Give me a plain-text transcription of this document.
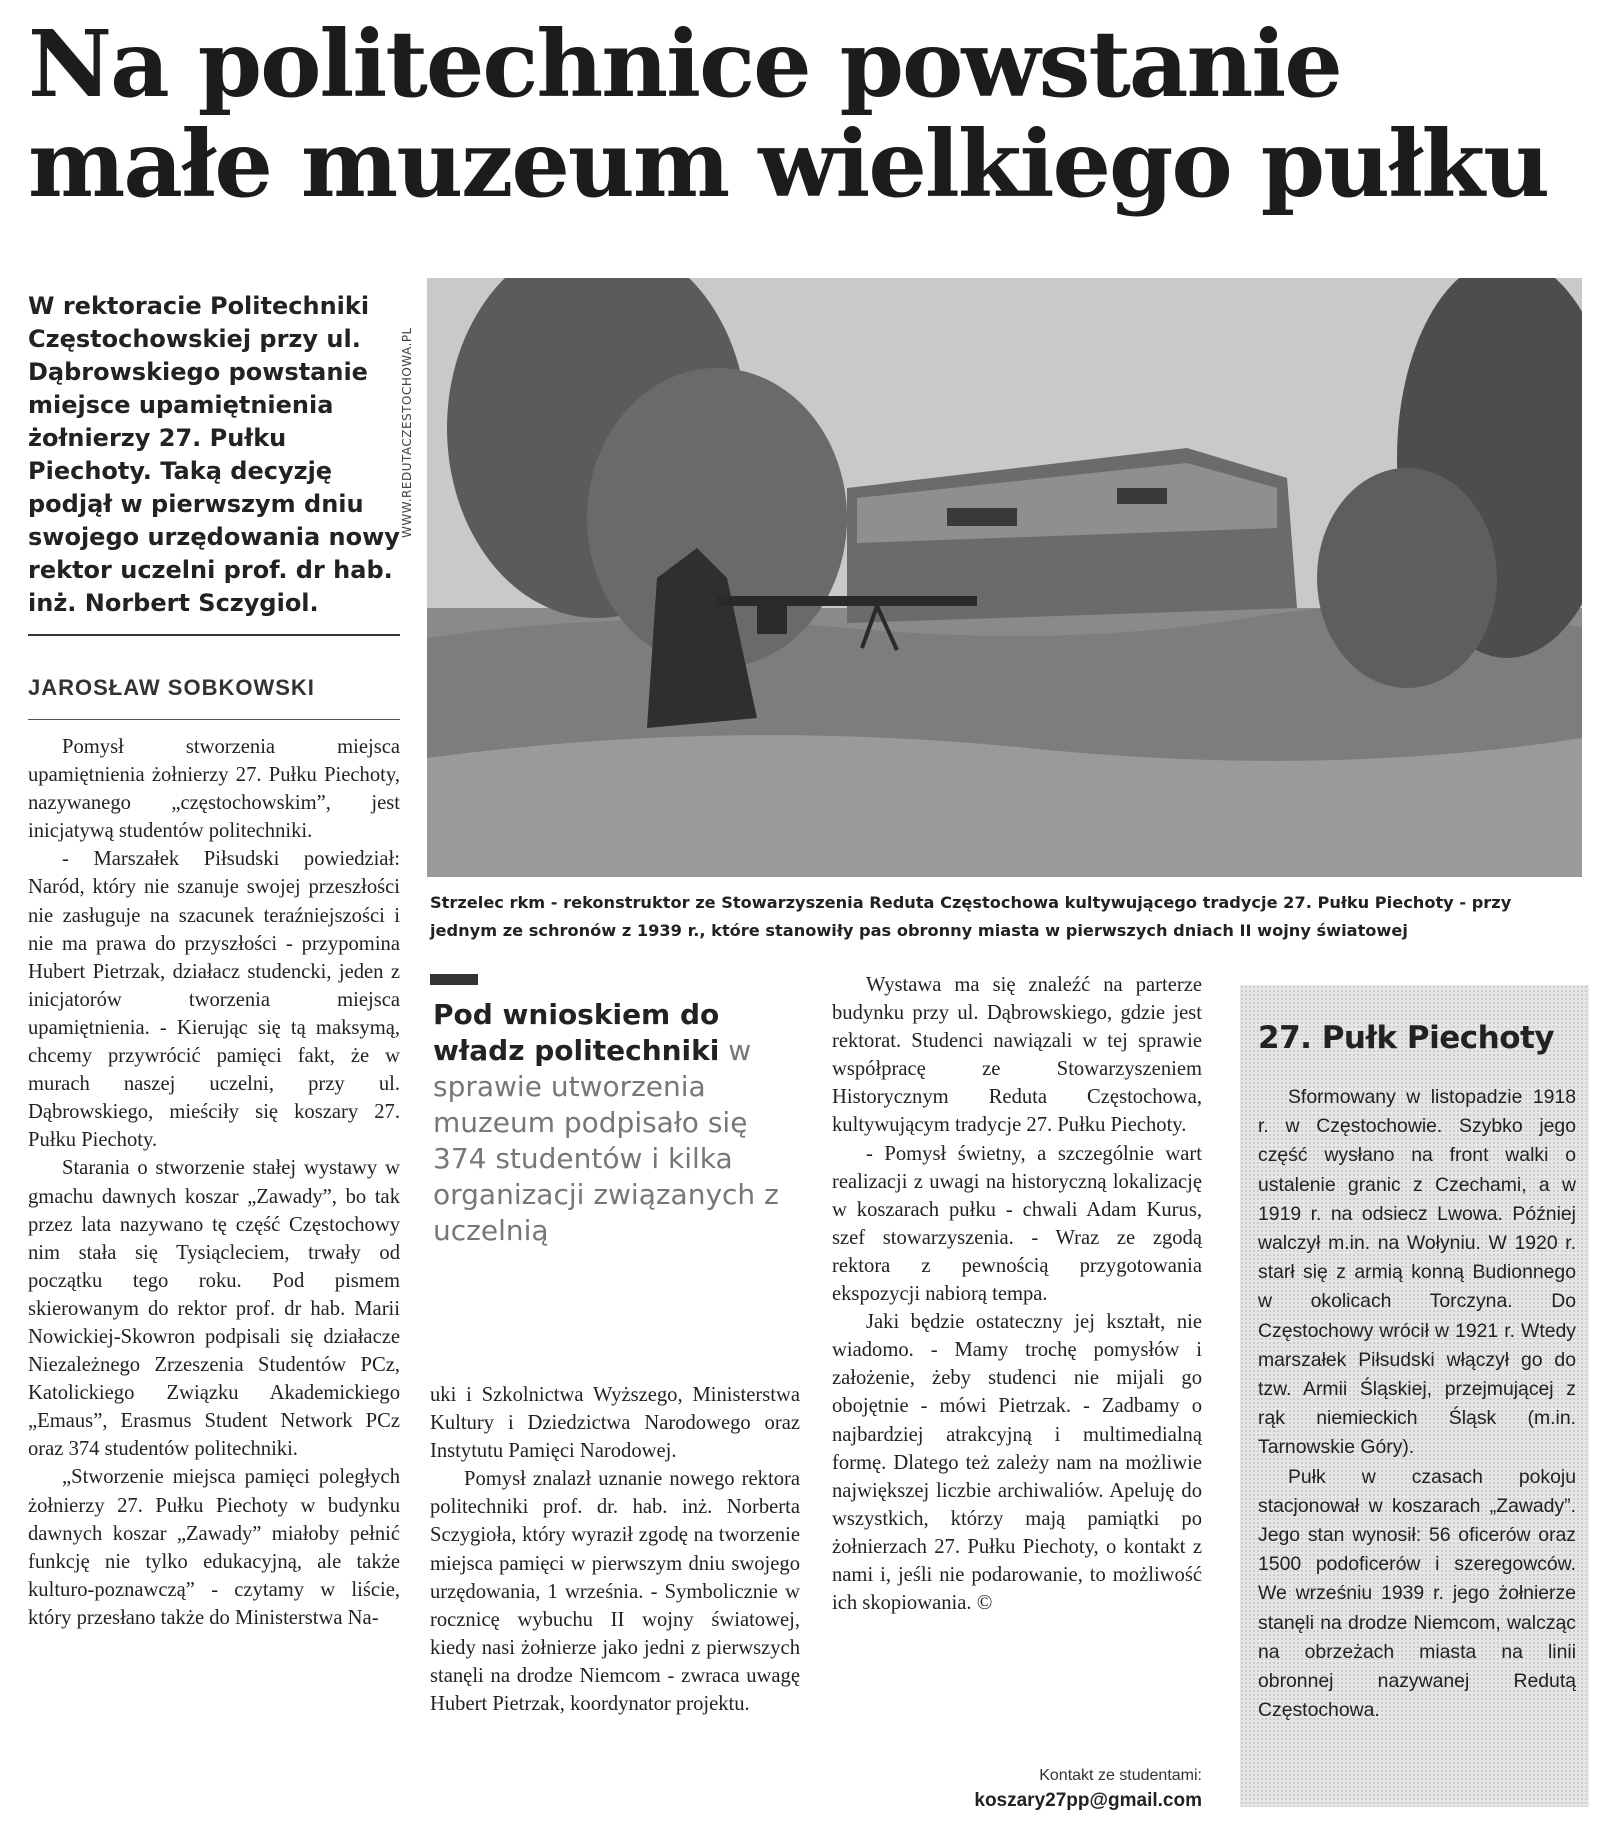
Na politechnice powstanie
małe muzeum wielkiego pułku
W rektoracie Politechniki Częstochowskiej przy ul. Dąbrowskiego powstanie miejsce upamiętnienia żołnierzy 27. Pułku Piechoty. Taką decyzję podjął w pierwszym dniu swojego urzędowania nowy rektor uczelni prof. dr hab. inż. Norbert Sczygiol.
JAROSŁAW SOBKOWSKI

Pomysł stworzenia miejsca upamiętnienia żołnierzy 27. Pułku Piechoty, nazywanego „częstochowskim”, jest inicjatywą studentów politechniki.

- Marszałek Piłsudski powiedział: Naród, który nie szanuje swojej przeszłości nie zasługuje na szacunek teraźniejszości i nie ma prawa do przyszłości - przypomina Hubert Pietrzak, działacz studencki, jeden z inicjatorów tworzenia miejsca upamiętnienia. - Kierując się tą maksymą, chcemy przywrócić pamięci fakt, że w murach naszej uczelni, przy ul. Dąbrowskiego, mieściły się koszary 27. Pułku Piechoty.

Starania o stworzenie stałej wystawy w gmachu dawnych koszar „Zawady”, bo tak przez lata nazywano tę część Częstochowy nim stała się Tysiącleciem, trwały od początku tego roku. Pod pismem skierowanym do rektor prof. dr hab. Marii Nowickiej-Skowron podpisali się działacze Niezależnego Zrzeszenia Studentów PCz, Katolickiego Związku Akademickiego „Emaus”, Erasmus Student Network PCz oraz 374 studentów politechniki.

„Stworzenie miejsca pamięci poległych żołnierzy 27. Pułku Piechoty w budynku dawnych koszar „Zawady” miałoby pełnić funkcję nie tylko edukacyjną, ale także kulturo-poznawczą” - czytamy w liście, który przesłano także do Ministerstwa Na-

WWW.REDUTACZESTOCHOWA.PL
Strzelec rkm - rekonstruktor ze Stowarzyszenia Reduta Częstochowa kultywującego tradycje 27. Pułku Piechoty - przy jednym ze schronów z 1939 r., które stanowiły pas obronny miasta w pierwszych dniach II wojny światowej
Pod wnioskiem do władz politechniki w sprawie utworzenia muzeum podpisało się 374 studentów i kilka organizacji związanych z uczelnią

uki i Szkolnictwa Wyższego, Ministerstwa Kultury i Dziedzictwa Narodowego oraz Instytutu Pamięci Narodowej.

Pomysł znalazł uznanie nowego rektora politechniki prof. dr. hab. inż. Norberta Sczygioła, który wyraził zgodę na tworzenie miejsca pamięci w pierwszym dniu swojego urzędowania, 1 września. - Symbolicznie w rocznicę wybuchu II wojny światowej, kiedy nasi żołnierze jako jedni z pierwszych stanęli na drodze Niemcom - zwraca uwagę Hubert Pietrzak, koordynator projektu.

Wystawa ma się znaleźć na parterze budynku przy ul. Dąbrowskiego, gdzie jest rektorat. Studenci nawiązali w tej sprawie współpracę ze Stowarzyszeniem Historycznym Reduta Częstochowa, kultywującym tradycje 27. Pułku Piechoty.

- Pomysł świetny, a szczególnie wart realizacji z uwagi na historyczną lokalizację w koszarach pułku - chwali Adam Kurus, szef stowarzyszenia. - Wraz ze zgodą rektora z pewnością przygotowania ekspozycji nabiorą tempa.

Jaki będzie ostateczny jej kształt, nie wiadomo. - Mamy trochę pomysłów i założenie, żeby studenci nie mijali go obojętnie - mówi Pietrzak. - Zadbamy o najbardziej atrakcyjną i multimedialną formę. Dlatego też zależy nam na możliwie największej liczbie archiwaliów. Apeluję do wszystkich, którzy mają pamiątki po żołnierzach 27. Pułku Piechoty, o kontakt z nami i, jeśli nie podarowanie, to możliwość ich skopiowania. ©

Kontakt ze studentami:
koszary27pp@gmail.com
27. Pułk Piechoty

Sformowany w listopadzie 1918 r. w Częstochowie. Szybko jego część wysłano na front walki o ustalenie granic z Czechami, a w 1919 r. na odsiecz Lwowa. Później walczył m.in. na Wołyniu. W 1920 r. starł się z armią konną Budionnego w okolicach Torczyna. Do Częstochowy wrócił w 1921 r. Wtedy marszałek Piłsudski włączył go do tzw. Armii Śląskiej, przejmującej z rąk niemieckich Śląsk (m.in. Tarnowskie Góry).

Pułk w czasach pokoju stacjonował w koszarach „Zawady”. Jego stan wynosił: 56 oficerów oraz 1500 podoficerów i szeregowców. We wrześniu 1939 r. jego żołnierze stanęli na drodze Niemcom, walcząc na obrzeżach miasta na linii obronnej nazywanej Redutą Częstochowa.
